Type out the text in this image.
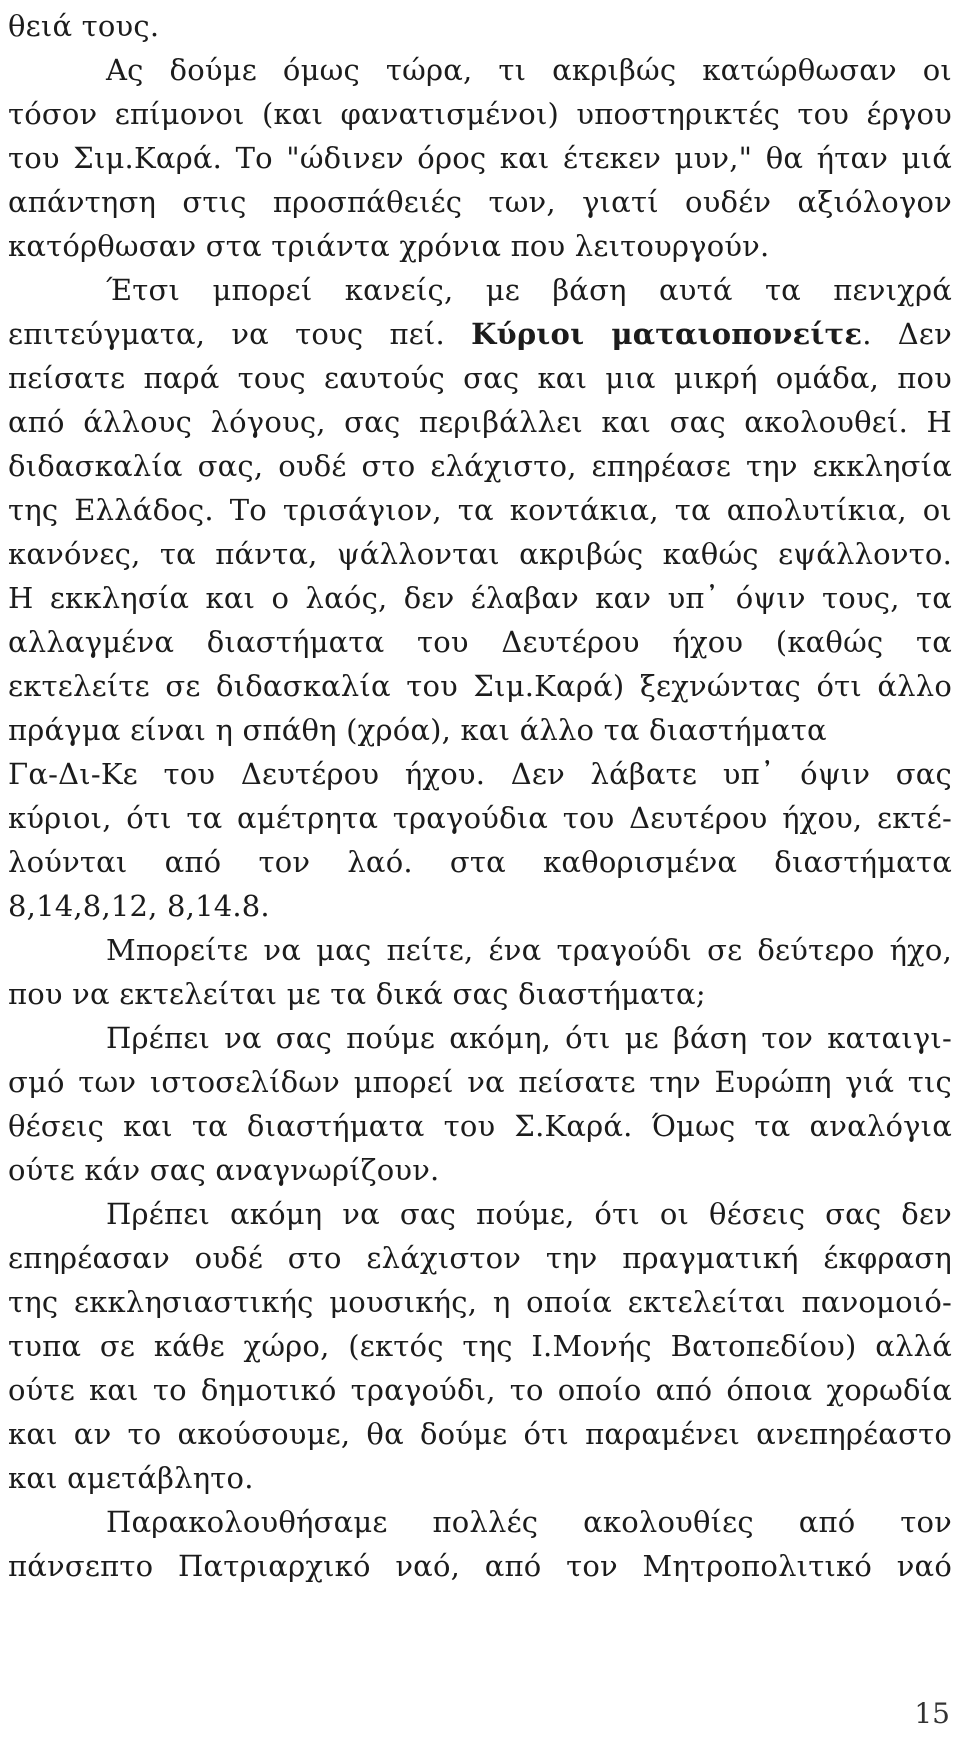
θειά τους.
Ας δούμε όμως τώρα, τι ακριβώς κατώρθωσαν οι
τόσον επίμονοι (και φανατισμένοι) υποστηρικτές του έργου
του Σιμ.Καρά. Το "ώδινεν όρος και έτεκεν μυν," θα ήταν μιά
απάντηση στις προσπάθειές των, γιατί ουδέν αξιόλογον
κατόρθωσαν στα τριάντα χρόνια που λειτουργούν.
Έτσι μπορεί κανείς, με βάση αυτά τα πενιχρά
επιτεύγματα, να τους πεί. Κύριοι ματαιοπονείτε. Δεν
πείσατε παρά τους εαυτούς σας και μια μικρή ομάδα, που
από άλλους λόγους, σας περιβάλλει και σας ακολουθεί. Η
διδασκαλία σας, ουδέ στο ελάχιστο, επηρέασε την εκκλησία
της Ελλάδος. Το τρισάγιον, τα κοντάκια, τα απολυτίκια, οι
κανόνες, τα πάντα, ψάλλονται ακριβώς καθώς εψάλλοντο.
Η εκκλησία και ο λαός, δεν έλαβαν καν υπ᾽ όψιν τους, τα
αλλαγμένα διαστήματα του Δευτέρου ήχου (καθώς τα
εκτελείτε σε διδασκαλία του Σιμ.Καρά) ξεχνώντας ότι άλλο
πράγμα είναι η σπάθη (χρόα), και άλλο τα διαστήματα
Γα-Δι-Κε του Δευτέρου ήχου. Δεν λάβατε υπ᾽ όψιν σας
κύριοι, ότι τα αμέτρητα τραγούδια του Δευτέρου ήχου, εκτέ-
λούνται από τον λαό. στα καθορισμένα διαστήματα
8,14,8,12, 8,14.8.
Μπορείτε να μας πείτε, ένα τραγούδι σε δεύτερο ήχο,
που να εκτελείται με τα δικά σας διαστήματα;
Πρέπει να σας πούμε ακόμη, ότι με βάση τον καταιγι-
σμό των ιστοσελίδων μπορεί να πείσατε την Ευρώπη γιά τις
θέσεις και τα διαστήματα του Σ.Καρά. Όμως τα αναλόγια
ούτε κάν σας αναγνωρίζουν.
Πρέπει ακόμη να σας πούμε, ότι οι θέσεις σας δεν
επηρέασαν ουδέ στο ελάχιστον την πραγματική έκφραση
της εκκλησιαστικής μουσικής, η οποία εκτελείται πανομοιό-
τυπα σε κάθε χώρο, (εκτός της Ι.Μονής Βατοπεδίου) αλλά
ούτε και το δημοτικό τραγούδι, το οποίο από όποια χορωδία
και αν το ακούσουμε, θα δούμε ότι παραμένει ανεπηρέαστο
και αμετάβλητο.
Παρακολουθήσαμε πολλές ακολουθίες από τον
πάνσεπτο Πατριαρχικό ναό, από τον Μητροπολιτικό ναό
15
